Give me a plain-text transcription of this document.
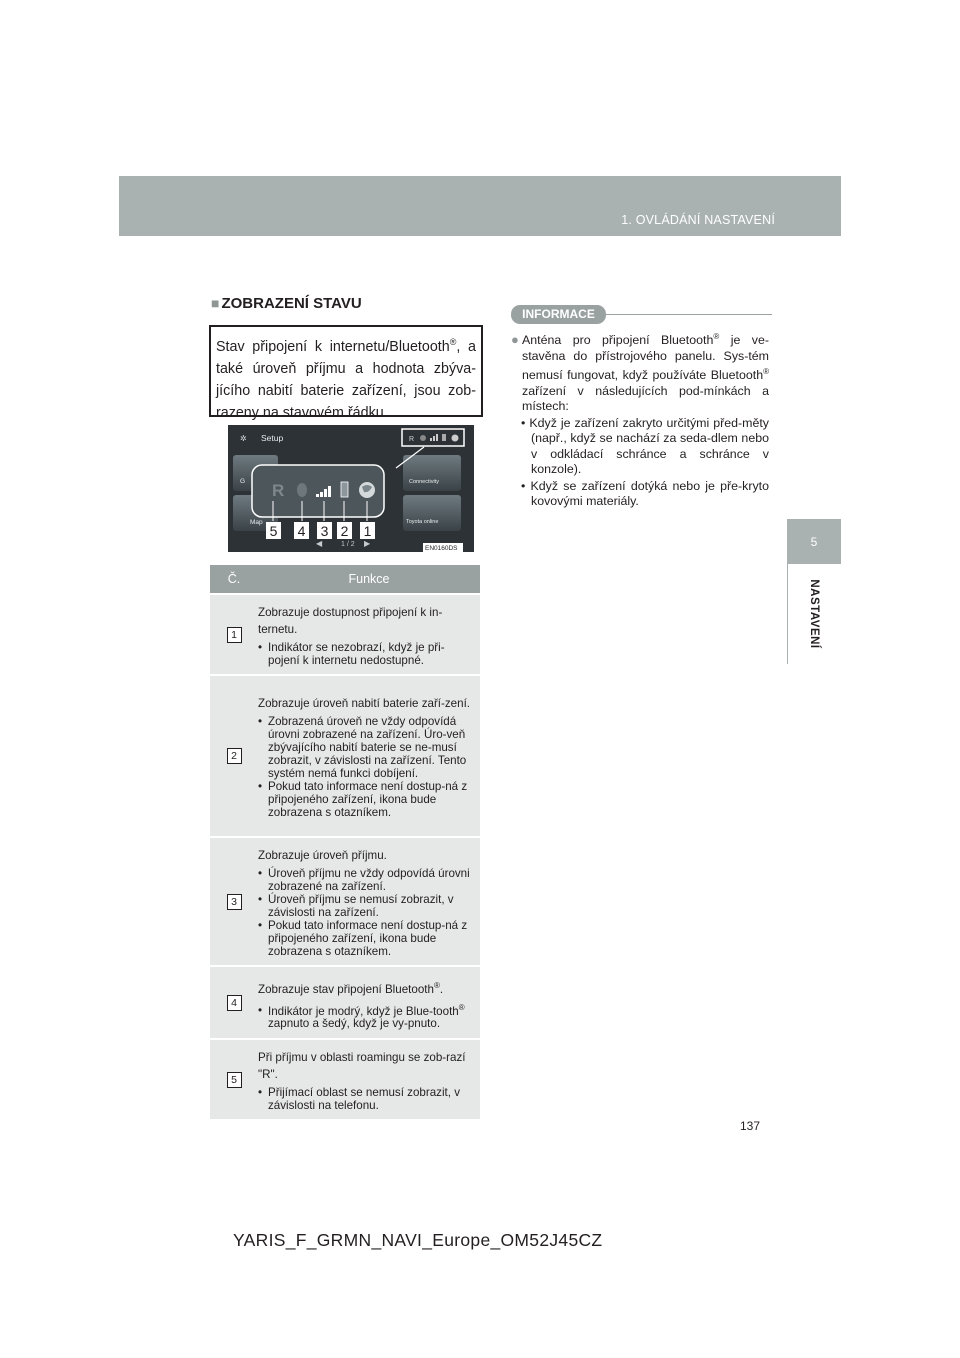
1. OVLÁDÁNÍ NASTAVENÍ
5
NASTAVENÍ
■ ZOBRAZENÍ STAVU
Stav připojení k internetu/Bluetooth®, a také úroveň příjmu a hodnota zbýva-jícího nabití baterie zařízení, jsou zob-razeny na stavovém řádku.
✲ Setup	R
G
Map
Connectivity
Toyota online
R
5 4 3 2 1
◀	1 / 2 ▶
EN0160DS
Č.	Funkce
1	Zobrazuje dostupnost připojení k in-ternetu.
• Indikátor se nezobrazí, když je při-pojení k internetu nedostupné.

2	Zobrazuje úroveň nabití baterie zaří-zení.
• Zobrazená úroveň ne vždy odpovídá úrovni zobrazené na zařízení. Úro-veň zbývajícího nabití baterie se ne-musí zobrazit, v závislosti na zařízení. Tento systém nemá funkci dobíjení.
• Pokud tato informace není dostup-ná z připojeného zařízení, ikona bude zobrazena s otazníkem.

3	Zobrazuje úroveň příjmu.
• Úroveň příjmu ne vždy odpovídá úrovni zobrazené na zařízení.
• Úroveň příjmu se nemusí zobrazit, v závislosti na zařízení.
• Pokud tato informace není dostup-ná z připojeného zařízení, ikona bude zobrazena s otazníkem.

4	Zobrazuje stav připojení Bluetooth®.
• Indikátor je modrý, když je Blue-tooth® zapnuto a šedý, když je vy-pnuto.

5	Při příjmu v oblasti roamingu se zob-razí "R".
• Přijímací oblast se nemusí zobrazit, v závislosti na telefonu.
INFORMACE
● Anténa pro připojení Bluetooth® je ve-stavěna do přístrojového panelu. Sys-tém nemusí fungovat, když používáte Bluetooth® zařízení v následujících pod-mínkách a místech:
• Když je zařízení zakryto určitými před-měty (např., když se nachází za seda-dlem nebo v odkládací schránce a schránce v konzole).
• Když se zařízení dotýká nebo je pře-kryto kovovými materiály.
137
YARIS_F_GRMN_NAVI_Europe_OM52J45CZ
